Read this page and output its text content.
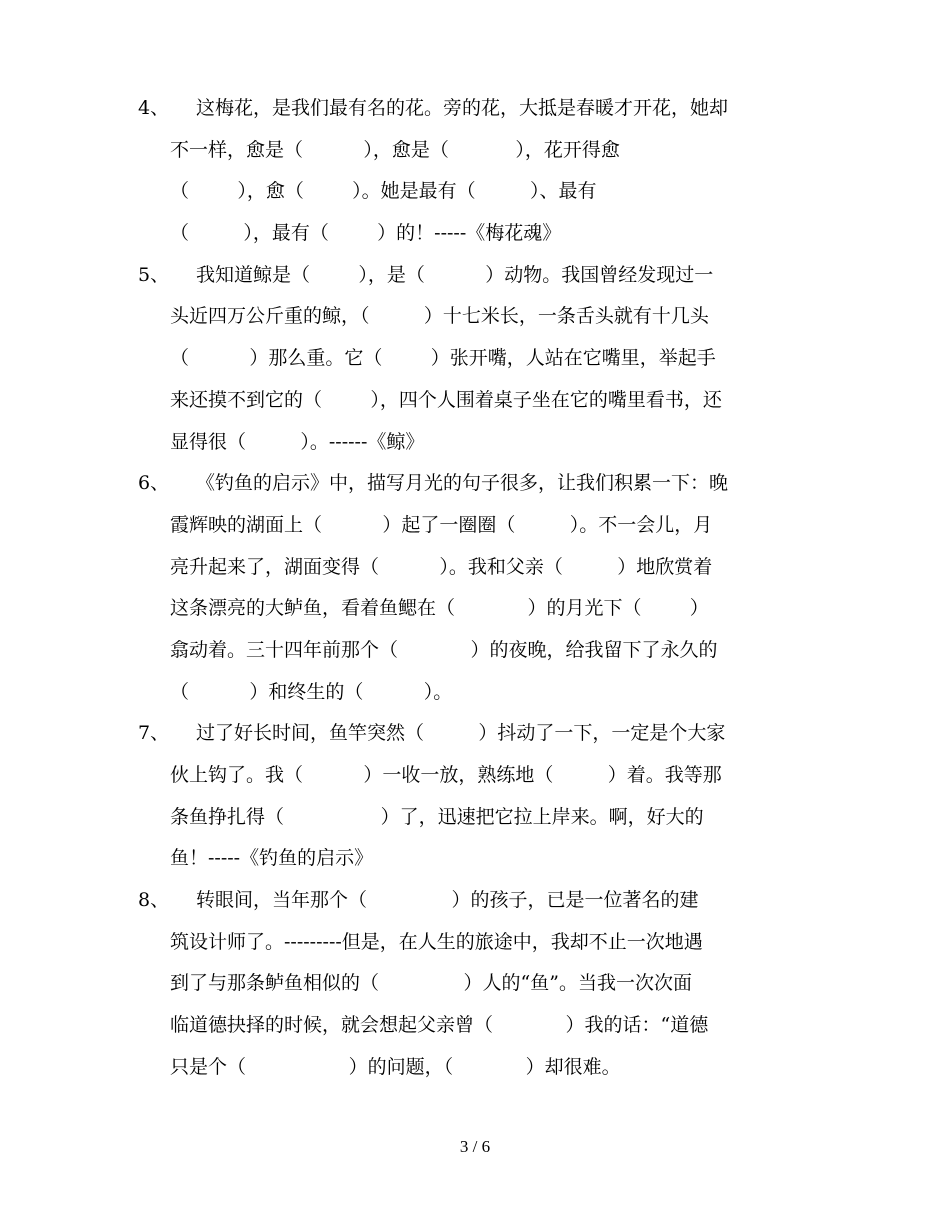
4、	这梅花，是我们最有名的花。旁的花，大抵是春暖才开花，她却
不一样，愈是（          ），愈是（           ），花开得愈
（        ），愈（        ）。她是最有（         ）、最有
（         ），最有（        ）的！-----《梅花魂》
5、	我知道鲸是（        ），是（          ）动物。我国曾经发现过一
头近四万公斤重的鲸，（         ）十七米长，一条舌头就有十几头
（          ）那么重。它（        ）张开嘴，人站在它嘴里，举起手
来还摸不到它的（        ），四个人围着桌子坐在它的嘴里看书，还
显得很（         ）。------《鲸》
6、	《钓鱼的启示》中，描写月光的句子很多，让我们积累一下：晚
霞辉映的湖面上（          ）起了一圈圈（         ）。不一会儿，月
亮升起来了，湖面变得（          ）。我和父亲（         ）地欣赏着
这条漂亮的大鲈鱼，看着鱼鳃在（            ）的月光下（        ）
翕动着。三十四年前那个（            ）的夜晚，给我留下了永久的
（          ）和终生的（          ）。
7、	过了好长时间，鱼竿突然（         ）抖动了一下，一定是个大家
伙上钩了。我（          ）一收一放，熟练地（         ）着。我等那
条鱼挣扎得（                ）了，迅速把它拉上岸来。啊，好大的
鱼！-----《钓鱼的启示》
8、	转眼间，当年那个（              ）的孩子，已是一位著名的建
筑设计师了。---------但是，在人生的旅途中，我却不止一次地遇
到了与那条鲈鱼相似的（              ）人的“鱼”。当我一次次面
临道德抉择的时候，就会想起父亲曾（            ）我的话：“道德
只是个（                 ）的问题，（            ）却很难。
3 / 6
